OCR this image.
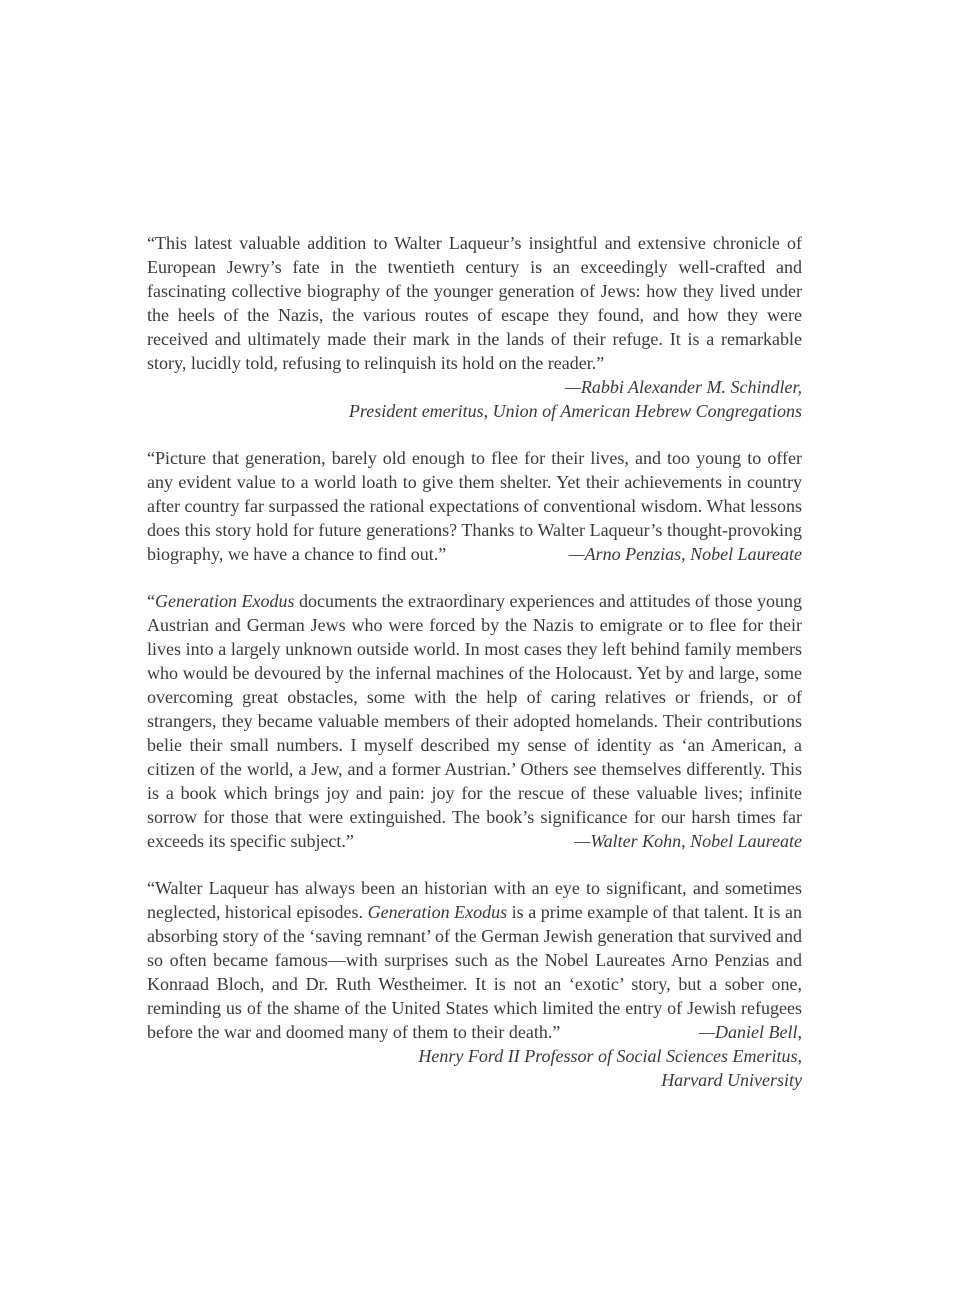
“This latest valuable addition to Walter Laqueur’s insightful and extensive chronicle of European Jewry’s fate in the twentieth century is an exceedingly well-crafted and fascinating collective biography of the younger generation of Jews: how they lived under the heels of the Nazis, the various routes of escape they found, and how they were received and ultimately made their mark in the lands of their refuge. It is a remarkable story, lucidly told, refusing to relinquish its hold on the reader.”
—Rabbi Alexander M. Schindler,

President emeritus, Union of American Hebrew Congregations

“Picture that generation, barely old enough to flee for their lives, and too young to offer any evident value to a world loath to give them shelter. Yet their achievements in country after country far surpassed the rational expectations of conventional wisdom. What lessons does this story hold for future generations? Thanks to Walter Laqueur’s thought-provoking biography, we have a chance to find out.”	—Arno Penzias, Nobel Laureate

“Generation Exodus documents the extraordinary experiences and attitudes of those young Austrian and German Jews who were forced by the Nazis to emigrate or to flee for their lives into a largely unknown outside world. In most cases they left behind family members who would be devoured by the infernal machines of the Holocaust. Yet by and large, some overcoming great obstacles, some with the help of caring relatives or friends, or of strangers, they became valuable members of their adopted homelands. Their contributions belie their small numbers. I myself described my sense of identity as ‘an American, a citizen of the world, a Jew, and a former Austrian.’ Others see themselves differently. This is a book which brings joy and pain: joy for the rescue of these valuable lives; infinite sorrow for those that were extinguished. The book’s significance for our harsh times far exceeds its specific subject.”	—Walter Kohn, Nobel Laureate

“Walter Laqueur has always been an historian with an eye to significant, and sometimes neglected, historical episodes. Generation Exodus is a prime example of that talent. It is an absorbing story of the ‘saving remnant’ of the German Jewish generation that survived and so often became famous—with surprises such as the Nobel Laureates Arno Penzias and Konraad Bloch, and Dr. Ruth Westheimer. It is not an ‘exotic’ story, but a sober one, reminding us of the shame of the United States which limited the entry of Jewish refugees before the war and doomed many of them to their death.”	—Daniel Bell,

Henry Ford II Professor of Social Sciences Emeritus,
Harvard University
